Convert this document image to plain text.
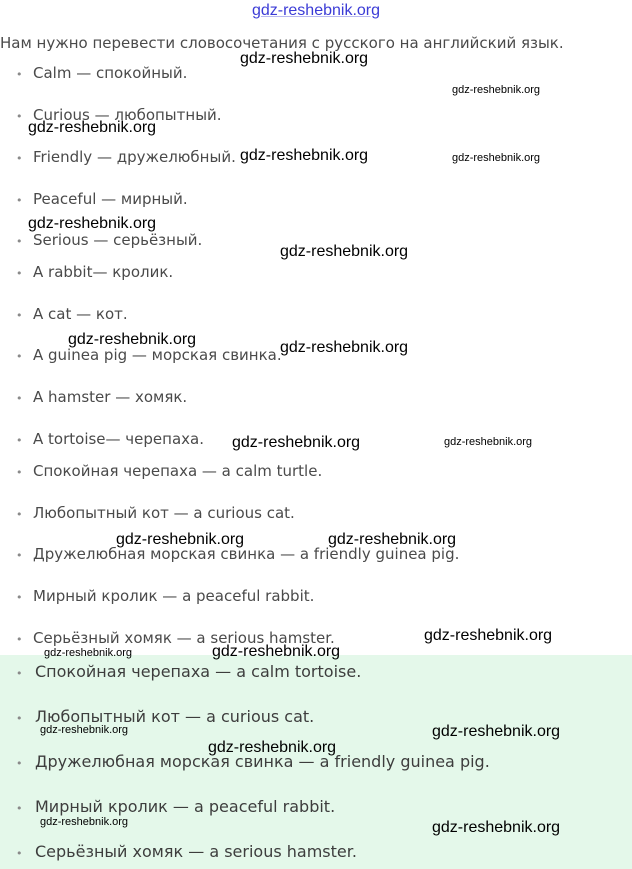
gdz-reshebnik.org
Нам нужно перевести словосочетания с русского на английский язык.
• Calm — спокойный.
• Curious — любопытный.
• Friendly — дружелюбный.
• Peaceful — мирный.
• Serious — серьёзный.
• A rabbit— кролик.
• A cat — кот.
• A guinea pig — морская свинка.
• A hamster — хомяк.
• A tortoise— черепаха.
• Спокойная черепаха — a calm turtle.
• Любопытный кот — a curious cat.
• Дружелюбная морская свинка — a friendly guinea pig.
• Мирный кролик — a peaceful rabbit.
• Серьёзный хомяк — a serious hamster.
• Спокойная черепаха — a calm tortoise.
• Любопытный кот — a curious cat.
• Дружелюбная морская свинка — a friendly guinea pig.
• Мирный кролик — a peaceful rabbit.
• Серьёзный хомяк — a serious hamster.
gdz-reshebnik.org
gdz-reshebnik.org
gdz-reshebnik.org
gdz-reshebnik.org	gdz-reshebnik.org
gdz-reshebnik.org
gdz-reshebnik.org
gdz-reshebnik.org	gdz-reshebnik.org
gdz-reshebnik.org	gdz-reshebnik.org
gdz-reshebnik.org	gdz-reshebnik.org
gdz-reshebnik.org
gdz-reshebnik.org	gdz-reshebnik.org
gdz-reshebnik.org	gdz-reshebnik.org
gdz-reshebnik.org
gdz-reshebnik.org	gdz-reshebnik.org
